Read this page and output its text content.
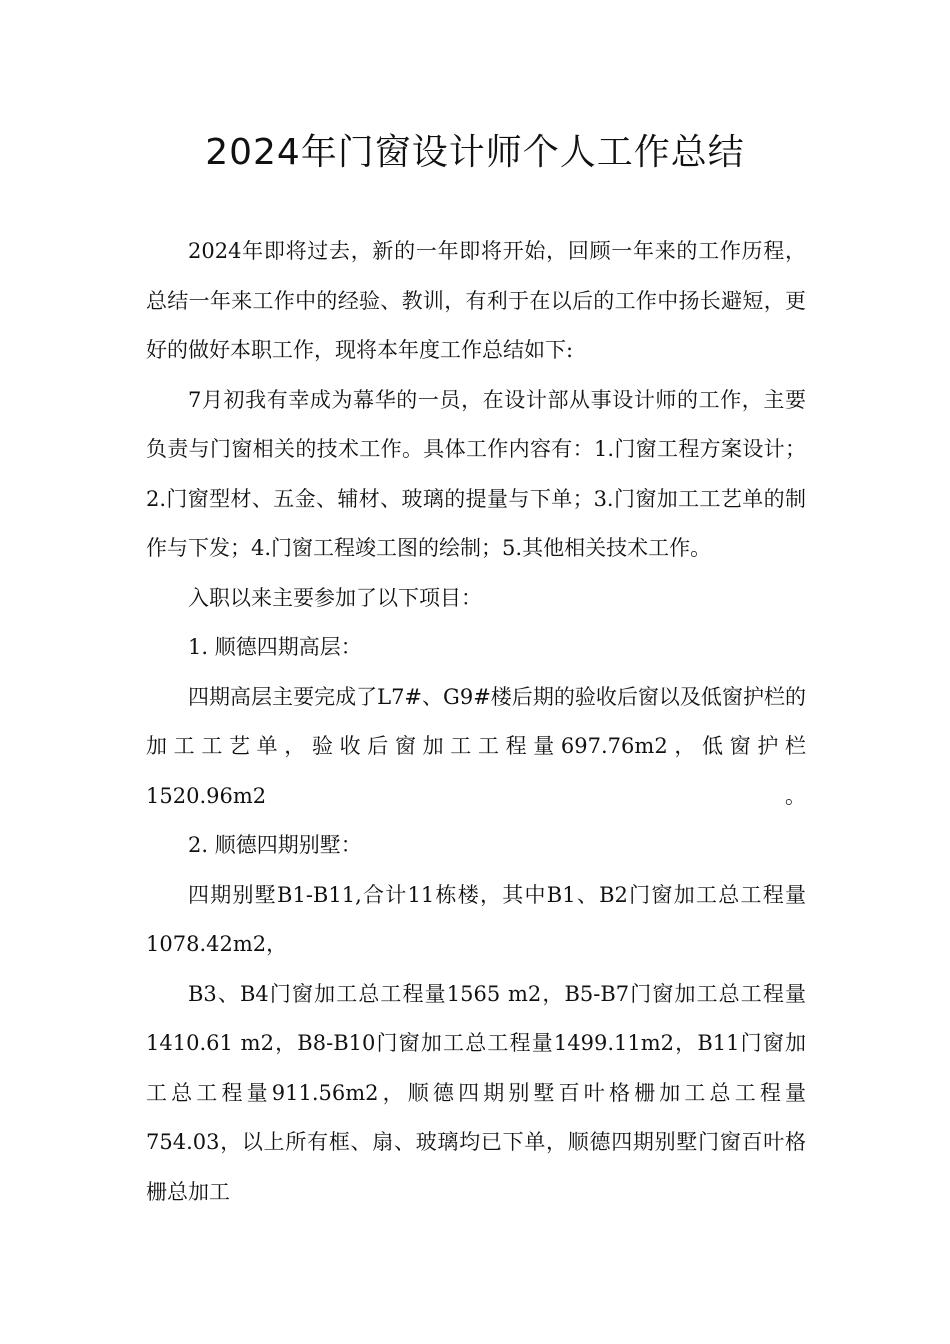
2024年门窗设计师个人工作总结

2024年即将过去，新的一年即将开始，回顾一年来的工作历程，总结一年来工作中的经验、教训，有利于在以后的工作中扬长避短，更好的做好本职工作，现将本年度工作总结如下:

7月初我有幸成为幕华的一员，在设计部从事设计师的工作，主要负责与门窗相关的技术工作。具体工作内容有：1.门窗工程方案设计；2.门窗型材、五金、辅材、玻璃的提量与下单；3.门窗加工工艺单的制作与下发；4.门窗工程竣工图的绘制；5.其他相关技术工作。

入职以来主要参加了以下项目：

1. 顺德四期高层：

四期高层主要完成了L7#、G9#楼后期的验收后窗以及低窗护栏的加工工艺单，验收后窗加工工程量697.76m2，低窗护栏1520.96m2。

2. 顺德四期别墅：

四期别墅B1-B11,合计11栋楼，其中B1、B2门窗加工总工程量1078.42m2，

B3、B4门窗加工总工程量1565 m2，B5-B7门窗加工总工程量1410.61 m2，B8-B10门窗加工总工程量1499.11m2，B11门窗加工总工程量911.56m2，顺德四期别墅百叶格栅加工总工程量754.03，以上所有框、扇、玻璃均已下单，顺德四期别墅门窗百叶格栅总加工
